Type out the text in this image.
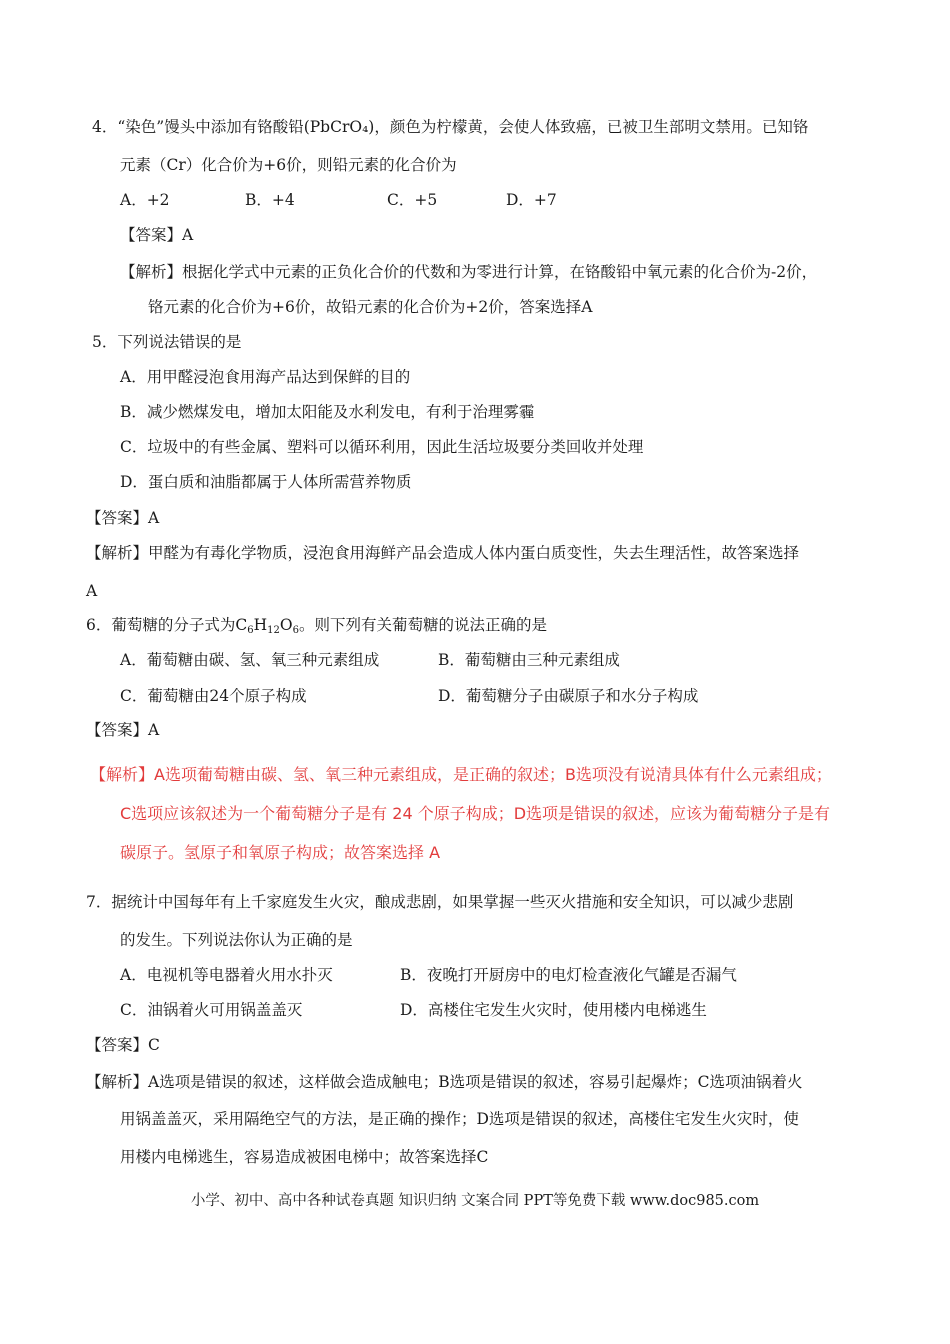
4．“染色”馒头中添加有铬酸铅(PbCrO₄)，颜色为柠檬黄，会使人体致癌，已被卫生部明文禁用。已知铬
元素（Cr）化合价为+6价，则铅元素的化合价为
A．+2	B．+4	C．+5	D．+7
【答案】A
【解析】根据化学式中元素的正负化合价的代数和为零进行计算，在铬酸铅中氧元素的化合价为-2价，
铬元素的化合价为+6价，故铅元素的化合价为+2价，答案选择A
5．下列说法错误的是
A．用甲醛浸泡食用海产品达到保鲜的目的
B．减少燃煤发电，增加太阳能及水利发电，有利于治理雾霾
C．垃圾中的有些金属、塑料可以循环利用，因此生活垃圾要分类回收并处理
D．蛋白质和油脂都属于人体所需营养物质
【答案】A
【解析】甲醛为有毒化学物质，浸泡食用海鲜产品会造成人体内蛋白质变性，失去生理活性，故答案选择
A
6．葡萄糖的分子式为$C_6H_{12}O_6$。则下列有关葡萄糖的说法正确的是
A．葡萄糖由碳、氢、氧三种元素组成	B．葡萄糖由三种元素组成
C．葡萄糖由24个原子构成	D．葡萄糖分子由碳原子和水分子构成
【答案】A
【解析】A选项葡萄糖由碳、氢、氧三种元素组成，是正确的叙述；B选项没有说清具体有什么元素组成；
C选项应该叙述为一个葡萄糖分子是有 24 个原子构成；D选项是错误的叙述，应该为葡萄糖分子是有
碳原子。氢原子和氧原子构成；故答案选择 A
7．据统计中国每年有上千家庭发生火灾，酿成悲剧，如果掌握一些灭火措施和安全知识，可以减少悲剧
的发生。下列说法你认为正确的是
A．电视机等电器着火用水扑灭	B．夜晚打开厨房中的电灯检查液化气罐是否漏气
C．油锅着火可用锅盖盖灭	D．高楼住宅发生火灾时，使用楼内电梯逃生
【答案】C
【解析】A选项是错误的叙述，这样做会造成触电；B选项是错误的叙述，容易引起爆炸；C选项油锅着火
用锅盖盖灭，采用隔绝空气的方法，是正确的操作；D选项是错误的叙述，高楼住宅发生火灾时，使
用楼内电梯逃生，容易造成被困电梯中；故答案选择C
小学、初中、高中各种试卷真题 知识归纳 文案合同 PPT等免费下载 www.doc985.com
